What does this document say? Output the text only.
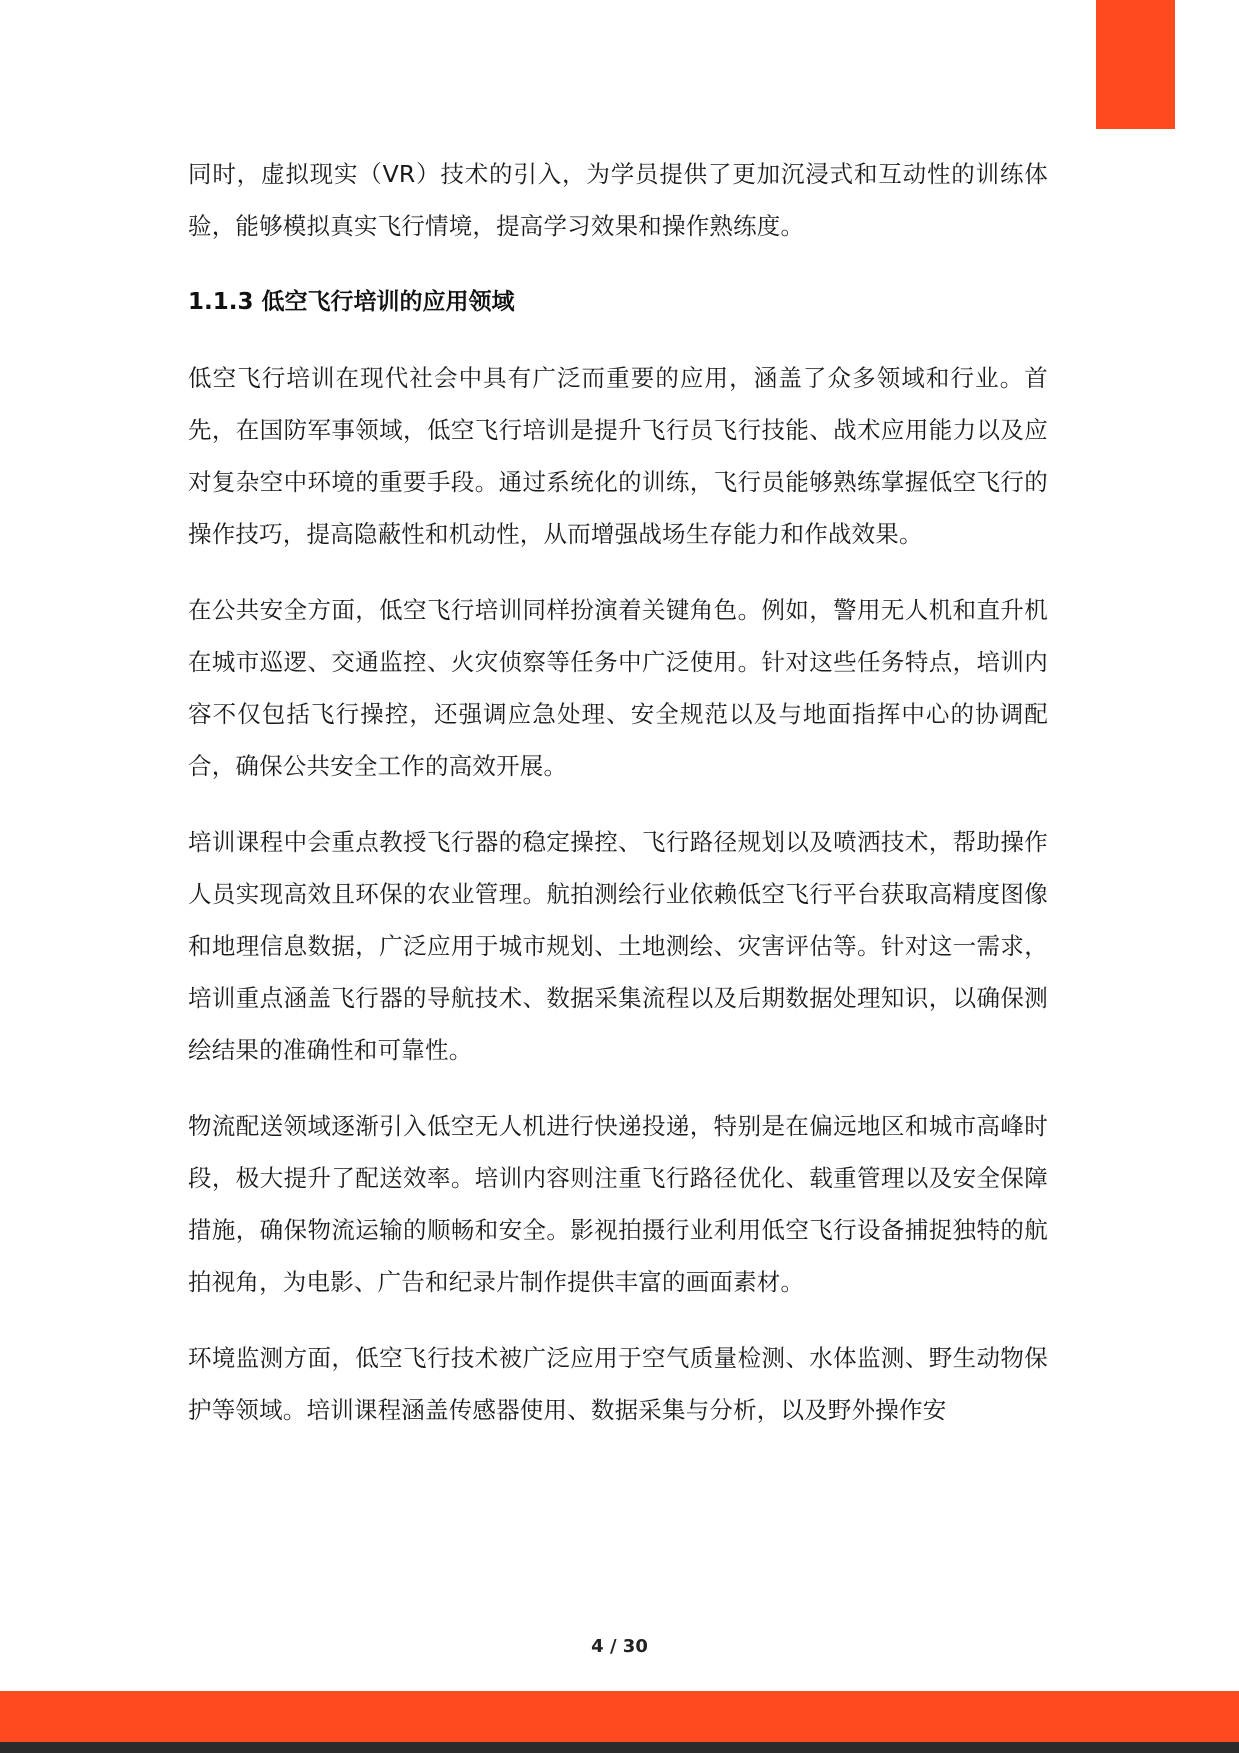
同时，虚拟现实（VR）技术的引入，为学员提供了更加沉浸式和互动性的训练体验，能够模拟真实飞行情境，提高学习效果和操作熟练度。

1.1.3 低空飞行培训的应用领域

低空飞行培训在现代社会中具有广泛而重要的应用，涵盖了众多领域和行业。首先，在国防军事领域，低空飞行培训是提升飞行员飞行技能、战术应用能力以及应对复杂空中环境的重要手段。通过系统化的训练，飞行员能够熟练掌握低空飞行的操作技巧，提高隐蔽性和机动性，从而增强战场生存能力和作战效果。

在公共安全方面，低空飞行培训同样扮演着关键角色。例如，警用无人机和直升机在城市巡逻、交通监控、火灾侦察等任务中广泛使用。针对这些任务特点，培训内容不仅包括飞行操控，还强调应急处理、安全规范以及与地面指挥中心的协调配合，确保公共安全工作的高效开展。

培训课程中会重点教授飞行器的稳定操控、飞行路径规划以及喷洒技术，帮助操作人员实现高效且环保的农业管理。航拍测绘行业依赖低空飞行平台获取高精度图像和地理信息数据，广泛应用于城市规划、土地测绘、灾害评估等。针对这一需求，培训重点涵盖飞行器的导航技术、数据采集流程以及后期数据处理知识，以确保测绘结果的准确性和可靠性。

物流配送领域逐渐引入低空无人机进行快递投递，特别是在偏远地区和城市高峰时段，极大提升了配送效率。培训内容则注重飞行路径优化、载重管理以及安全保障措施，确保物流运输的顺畅和安全。影视拍摄行业利用低空飞行设备捕捉独特的航拍视角，为电影、广告和纪录片制作提供丰富的画面素材。

环境监测方面，低空飞行技术被广泛应用于空气质量检测、水体监测、野生动物保护等领域。培训课程涵盖传感器使用、数据采集与分析，以及野外操作安

4 / 30
